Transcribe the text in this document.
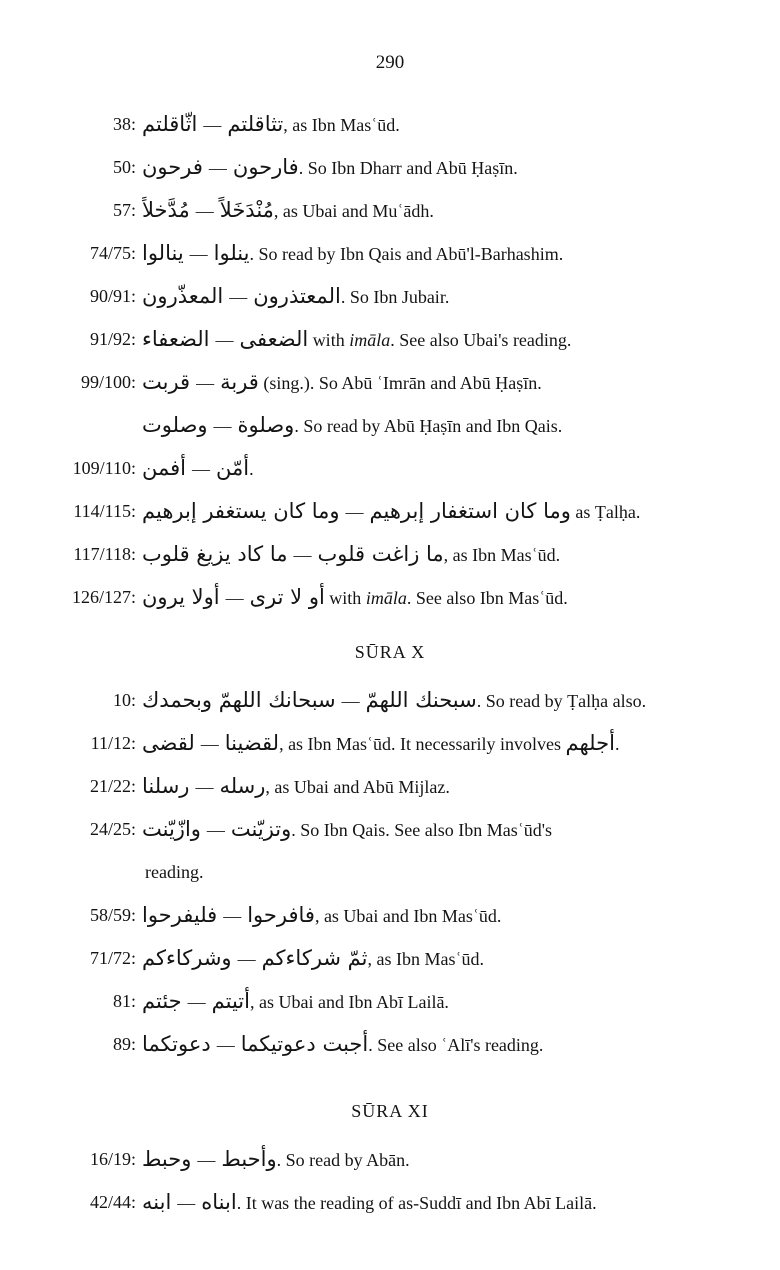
290
38: اثّاقلتم — تثاقلتم, as Ibn Masʿūd.
50: فرحون — فارحون. So Ibn Dharr and Abū Ḥaṣīn.
57: مُدَّخلاً — مُنْدَخَلاً, as Ubai and Muʿādh.
74/75: ينالوا — ينلوا. So read by Ibn Qais and Abū'l-Barhashim.
90/91: المعذّرون — المعتذرون. So Ibn Jubair.
91/92: الضعفاء — الضعفى with imāla. See also Ubai's reading.
99/100: قربت — قربة (sing.). So Abū ʿImrān and Abū Ḥaṣīn.
وصلوت — وصلوة. So read by Abū Ḥaṣīn and Ibn Qais.
109/110: أفمن — أمّن.
114/115: وما كان يستغفر إبرهيم — وما كان استغفار إبرهيم as Ṭalḥa.
117/118: ما كاد يزيغ قلوب — ما زاغت قلوب, as Ibn Masʿūd.
126/127: أولا يرون — أو لا ترى with imāla. See also Ibn Masʿūd.
SŪRA X
10: سبحانك اللهمّ وبحمدك — سبحنك اللهمّ. So read by Ṭalḥa also.
11/12: لقضى — لقضينا, as Ibn Masʿūd. It necessarily involves أجلهم.
21/22: رسلنا — رسله, as Ubai and Abū Mijlaz.
24/25: وازّيّنت — وتزيّنت. So Ibn Qais. See also Ibn Masʿūd's
reading.
58/59: فليفرحوا — فافرحوا, as Ubai and Ibn Masʿūd.
71/72: وشركاءكم — ثمّ شركاءكم, as Ibn Masʿūd.
81: جئتم — أتيتم, as Ubai and Ibn Abī Lailā.
89: دعوتكما — أجبت دعوتيكما. See also ʿAlī's reading.
SŪRA XI
16/19: وحبط — وأحبط. So read by Abān.
42/44: ابنه — ابناه. It was the reading of as-Suddī and Ibn Abī Lailā.
